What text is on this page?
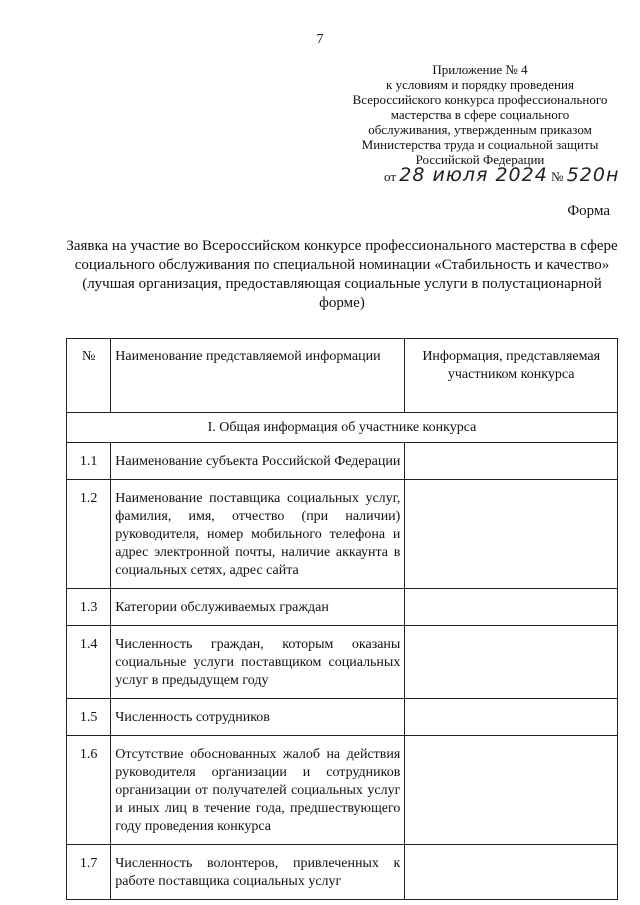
7
Приложение № 4
к условиям и порядку проведения
Всероссийского конкурса профессионального
мастерства в сфере социального
обслуживания, утвержденным приказом
Министерства труда и социальной защиты
Российской Федерации
от 28 июля 2024 № 520н
Форма
Заявка на участие во Всероссийском конкурсе профессионального мастерства в сфере социального обслуживания по специальной номинации «Стабильность и качество» (лучшая организация, предоставляющая социальные услуги в полустационарной форме)
№	Наименование представляемой информации	Информация, представляемая участником конкурса
I. Общая информация об участнике конкурса		
1.1	Наименование субъекта Российской Федерации	
1.2	Наименование поставщика социальных услуг, фамилия, имя, отчество (при наличии) руководителя, номер мобильного телефона и адрес электронной почты, наличие аккаунта в социальных сетях, адрес сайта	
1.3	Категории обслуживаемых граждан	
1.4	Численность граждан, которым оказаны социальные услуги поставщиком социальных услуг в предыдущем году	
1.5	Численность сотрудников	
1.6	Отсутствие обоснованных жалоб на действия руководителя организации и сотрудников организации от получателей социальных услуг и иных лиц в течение года, предшествующего году проведения конкурса	
1.7	Численность волонтеров, привлеченных к работе поставщика социальных услуг	
